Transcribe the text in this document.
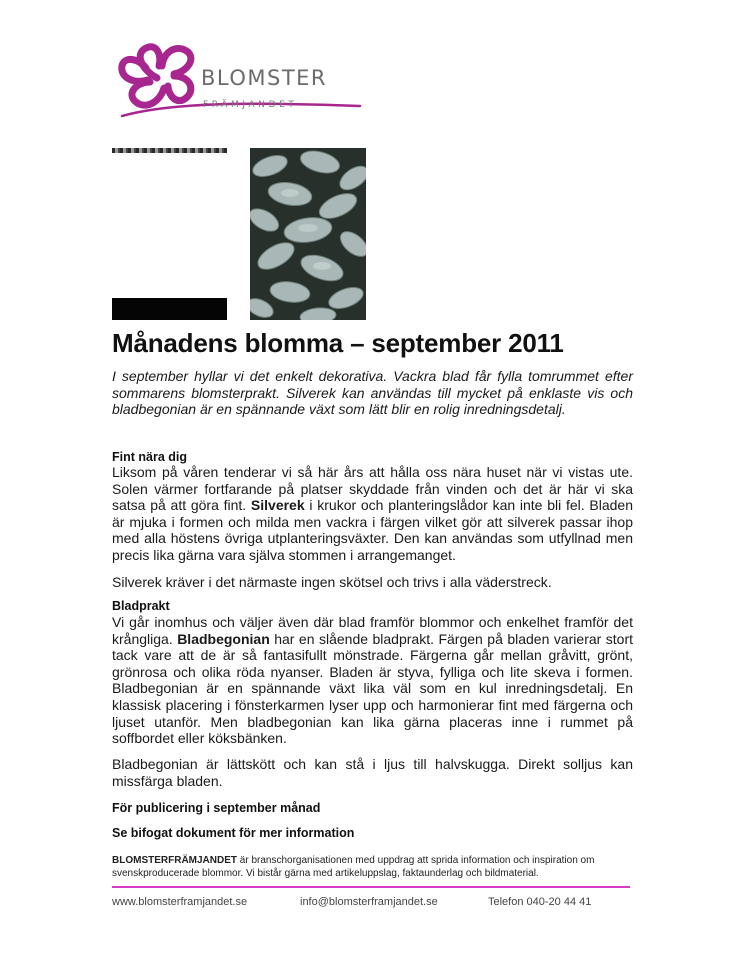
BLOMSTER
FRÄMJANDET
Månadens blomma – september 2011

I september hyllar vi det enkelt dekorativa. Vackra blad får fylla tomrummet efter sommarens blomsterprakt. Silverek kan användas till mycket på enklaste vis och bladbegonian är en spännande växt som lätt blir en rolig inredningsdetalj.

Fint nära dig

Liksom på våren tenderar vi så här års att hålla oss nära huset när vi vistas ute. Solen värmer fortfarande på platser skyddade från vinden och det är här vi ska satsa på att göra fint. Silverek i krukor och planteringslådor kan inte bli fel. Bladen är mjuka i formen och milda men vackra i färgen vilket gör att silverek passar ihop med alla höstens övriga utplanteringsväxter. Den kan användas som utfyllnad men precis lika gärna vara själva stommen i arrangemanget.

Silverek kräver i det närmaste ingen skötsel och trivs i alla väderstreck.

Bladprakt

Vi går inomhus och väljer även där blad framför blommor och enkelhet framför det krångliga. Bladbegonian har en slående bladprakt. Färgen på bladen varierar stort tack vare att de är så fantasifullt mönstrade. Färgerna går mellan gråvitt, grönt, grönrosa och olika röda nyanser. Bladen är styva, fylliga och lite skeva i formen. Bladbegonian är en spännande växt lika väl som en kul inredningsdetalj. En klassisk placering i fönsterkarmen lyser upp och harmonierar fint med färgerna och ljuset utanför. Men bladbegonian kan lika gärna placeras inne i rummet på soffbordet eller köksbänken.

Bladbegonian är lättskött och kan stå i ljus till halvskugga. Direkt solljus kan missfärga bladen.

För publicering i september månad

Se bifogat dokument för mer information

BLOMSTERFRÄMJANDET är branschorganisationen med uppdrag att sprida information och inspiration om svenskproducerade blommor. Vi bistår gärna med artikeluppslag, faktaunderlag och bildmaterial.

www.blomsterframjandet.se	info@blomsterframjandet.se	Telefon 040-20 44 41
